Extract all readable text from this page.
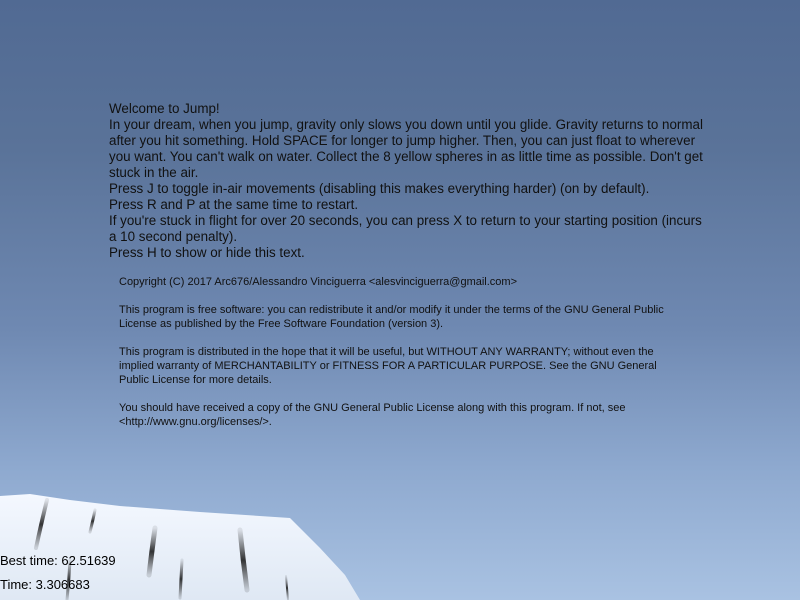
Welcome to Jump!

In your dream, when you jump, gravity only slows you down until you glide. Gravity returns to normal after you hit something. Hold SPACE for longer to jump higher. Then, you can just float to wherever you want. You can't walk on water. Collect the 8 yellow spheres in as little time as possible. Don't get stuck in the air.

Press J to toggle in-air movements (disabling this makes everything harder) (on by default).

Press R and P at the same time to restart.

If you're stuck in flight for over 20 seconds, you can press X to return to your starting position (incurs a 10 second penalty).

Press H to show or hide this text.

Copyright (C) 2017 Arc676/Alessandro Vinciguerra <alesvinciguerra@gmail.com>

This program is free software: you can redistribute it and/or modify it under the terms of the GNU General Public License as published by the Free Software Foundation (version 3).

This program is distributed in the hope that it will be useful, but WITHOUT ANY WARRANTY; without even the implied warranty of MERCHANTABILITY or FITNESS FOR A PARTICULAR PURPOSE. See the GNU General Public License for more details.

You should have received a copy of the GNU General Public License along with this program. If not, see <http://www.gnu.org/licenses/>.

Best time: 62.51639
Time: 3.306683
